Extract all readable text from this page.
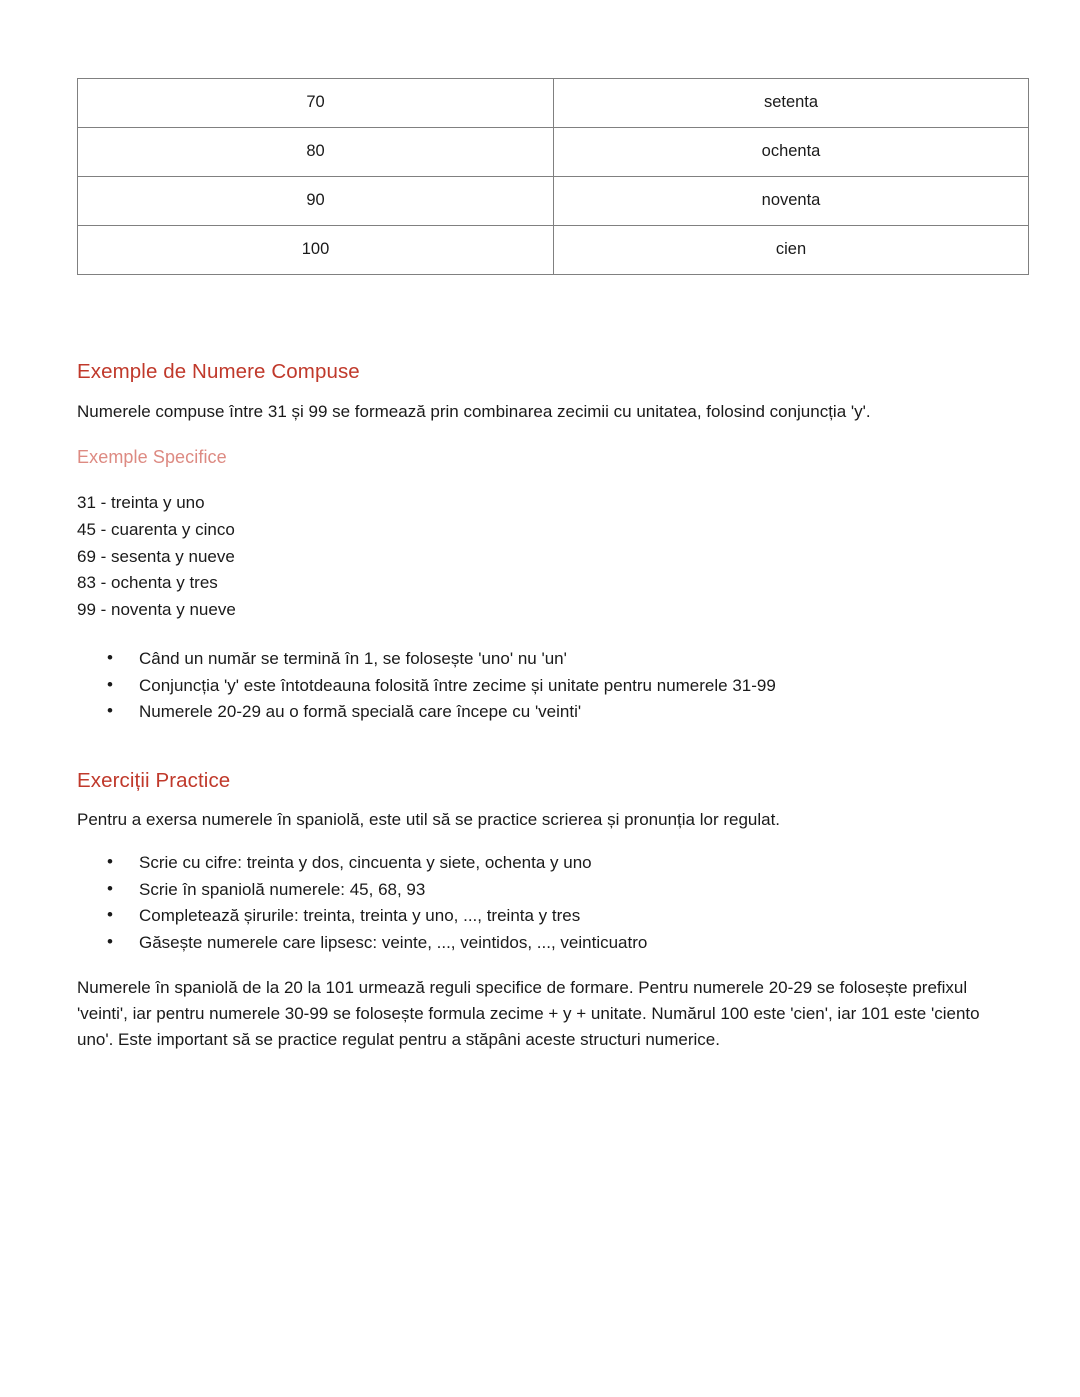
70	setenta
80	ochenta
90	noventa
100	cien
Exemple de Numere Compuse

Numerele compuse între 31 și 99 se formează prin combinarea zecimii cu unitatea, folosind conjuncția 'y'.

Exemple Specifice
31 - treinta y uno
45 - cuarenta y cinco
69 - sesenta y nueve
83 - ochenta y tres
99 - noventa y nueve
• Când un număr se termină în 1, se folosește 'uno' nu 'un'
• Conjuncția 'y' este întotdeauna folosită între zecime și unitate pentru numerele 31-99
• Numerele 20-29 au o formă specială care începe cu 'veinti'
Exerciții Practice

Pentru a exersa numerele în spaniolă, este util să se practice scrierea și pronunția lor regulat.

• Scrie cu cifre: treinta y dos, cincuenta y siete, ochenta y uno
• Scrie în spaniolă numerele: 45, 68, 93
• Completează șirurile: treinta, treinta y uno, ..., treinta y tres
• Găsește numerele care lipsesc: veinte, ..., veintidos, ..., veinticuatro

Numerele în spaniolă de la 20 la 101 urmează reguli specifice de formare. Pentru numerele 20-29 se folosește prefixul 'veinti', iar pentru numerele 30-99 se folosește formula zecime + y + unitate. Numărul 100 este 'cien', iar 101 este 'ciento uno'. Este important să se practice regulat pentru a stăpâni aceste structuri numerice.
